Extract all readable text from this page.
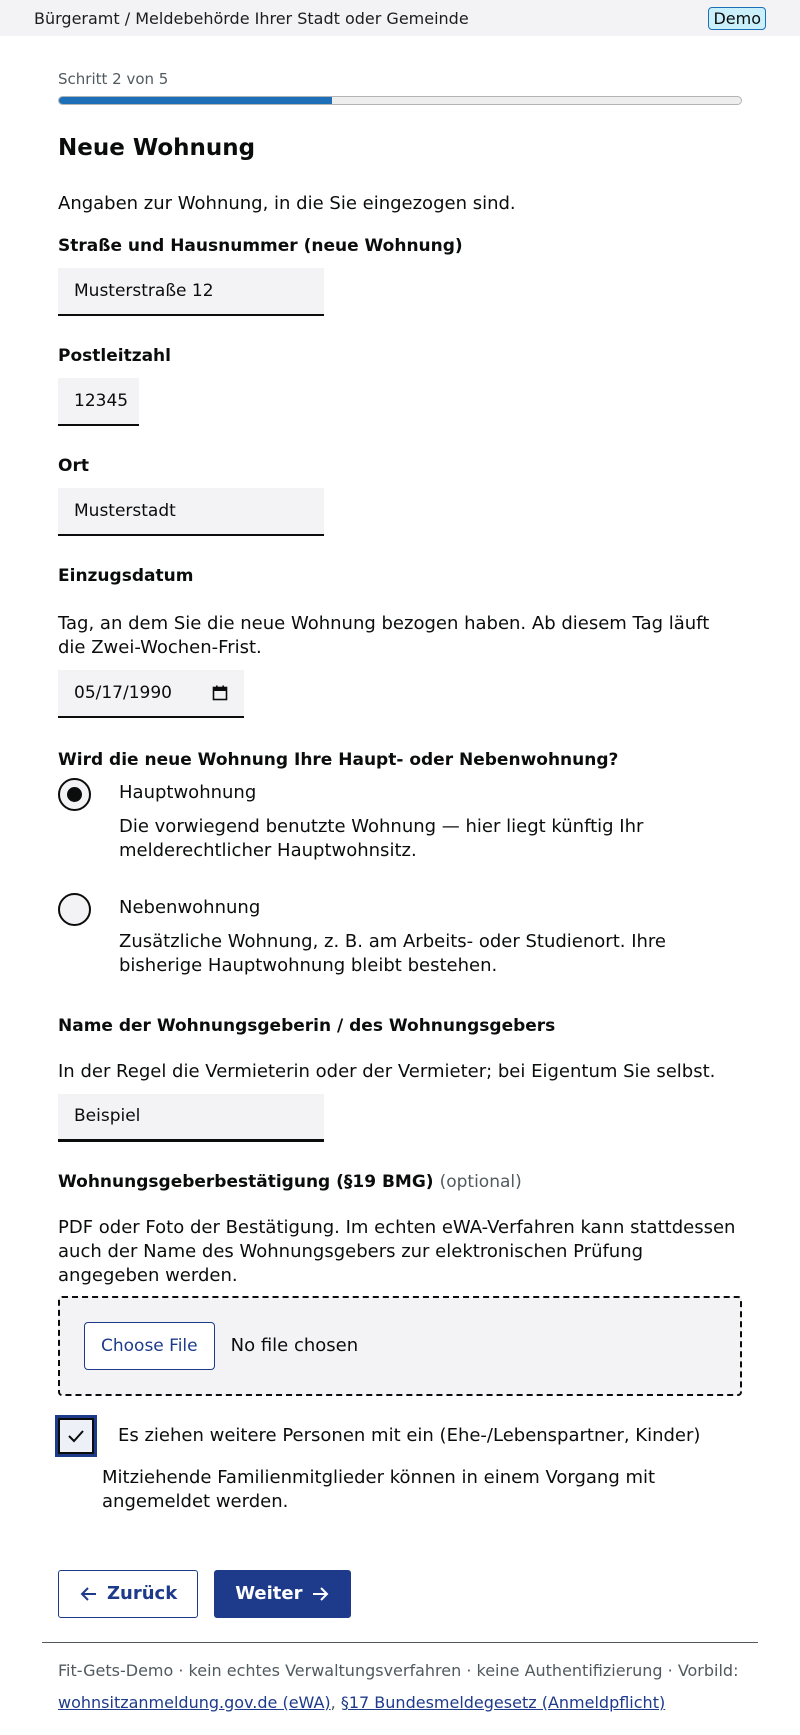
Bürgeramt / Meldebehörde Ihrer Stadt oder Gemeinde	Demo
Schritt 2 von 5
Neue Wohnung
Angaben zur Wohnung, in die Sie eingezogen sind.
Straße und Hausnummer (neue Wohnung)
Musterstraße 12
Postleitzahl
12345
Ort
Musterstadt
Einzugsdatum
Tag, an dem Sie die neue Wohnung bezogen haben. Ab diesem Tag läuft die Zwei-Wochen-Frist.
05/17/1990
Wird die neue Wohnung Ihre Haupt- oder Nebenwohnung?
Hauptwohnung
Die vorwiegend benutzte Wohnung — hier liegt künftig Ihr melderechtlicher Hauptwohnsitz.
Nebenwohnung
Zusätzliche Wohnung, z. B. am Arbeits- oder Studienort. Ihre bisherige Hauptwohnung bleibt bestehen.
Name der Wohnungsgeberin / des Wohnungsgebers
In der Regel die Vermieterin oder der Vermieter; bei Eigentum Sie selbst.
Beispiel
Wohnungsgeberbestätigung (§19 BMG) (optional)
PDF oder Foto der Bestätigung. Im echten eWA-Verfahren kann stattdessen auch der Name des Wohnungsgebers zur elektronischen Prüfung angegeben werden.
Choose File	No file chosen
Es ziehen weitere Personen mit ein (Ehe-/Lebenspartner, Kinder)
Mitziehende Familienmitglieder können in einem Vorgang mit angemeldet werden.
Zurück	Weiter
Fit-Gets-Demo · kein echtes Verwaltungsverfahren · keine Authentifizierung · Vorbild:
wohnsitzanmeldung.gov.de (eWA), §17 Bundesmeldegesetz (Anmeldpflicht)
